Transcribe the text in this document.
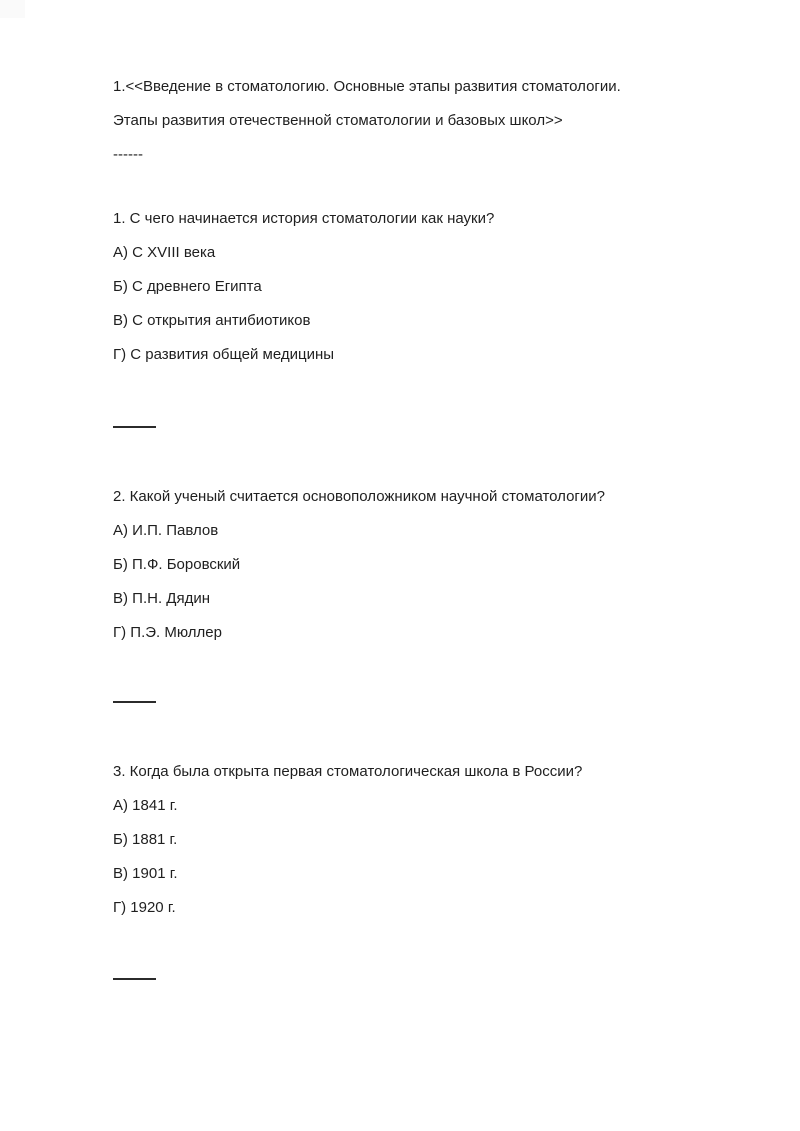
1.<<Введение в стоматологию. Основные этапы развития стоматологии.

Этапы развития отечественной стоматологии и базовых школ>>

------

1. С чего начинается история стоматологии как науки?

А) С XVIII века

Б) С древнего Египта

В) С открытия антибиотиков

Г) С развития общей медицины

2. Какой ученый считается основоположником научной стоматологии?

А) И.П. Павлов

Б) П.Ф. Боровский

В) П.Н. Дядин

Г) П.Э. Мюллер

3. Когда была открыта первая стоматологическая школа в России?

А) 1841 г.

Б) 1881 г.

В) 1901 г.

Г) 1920 г.
